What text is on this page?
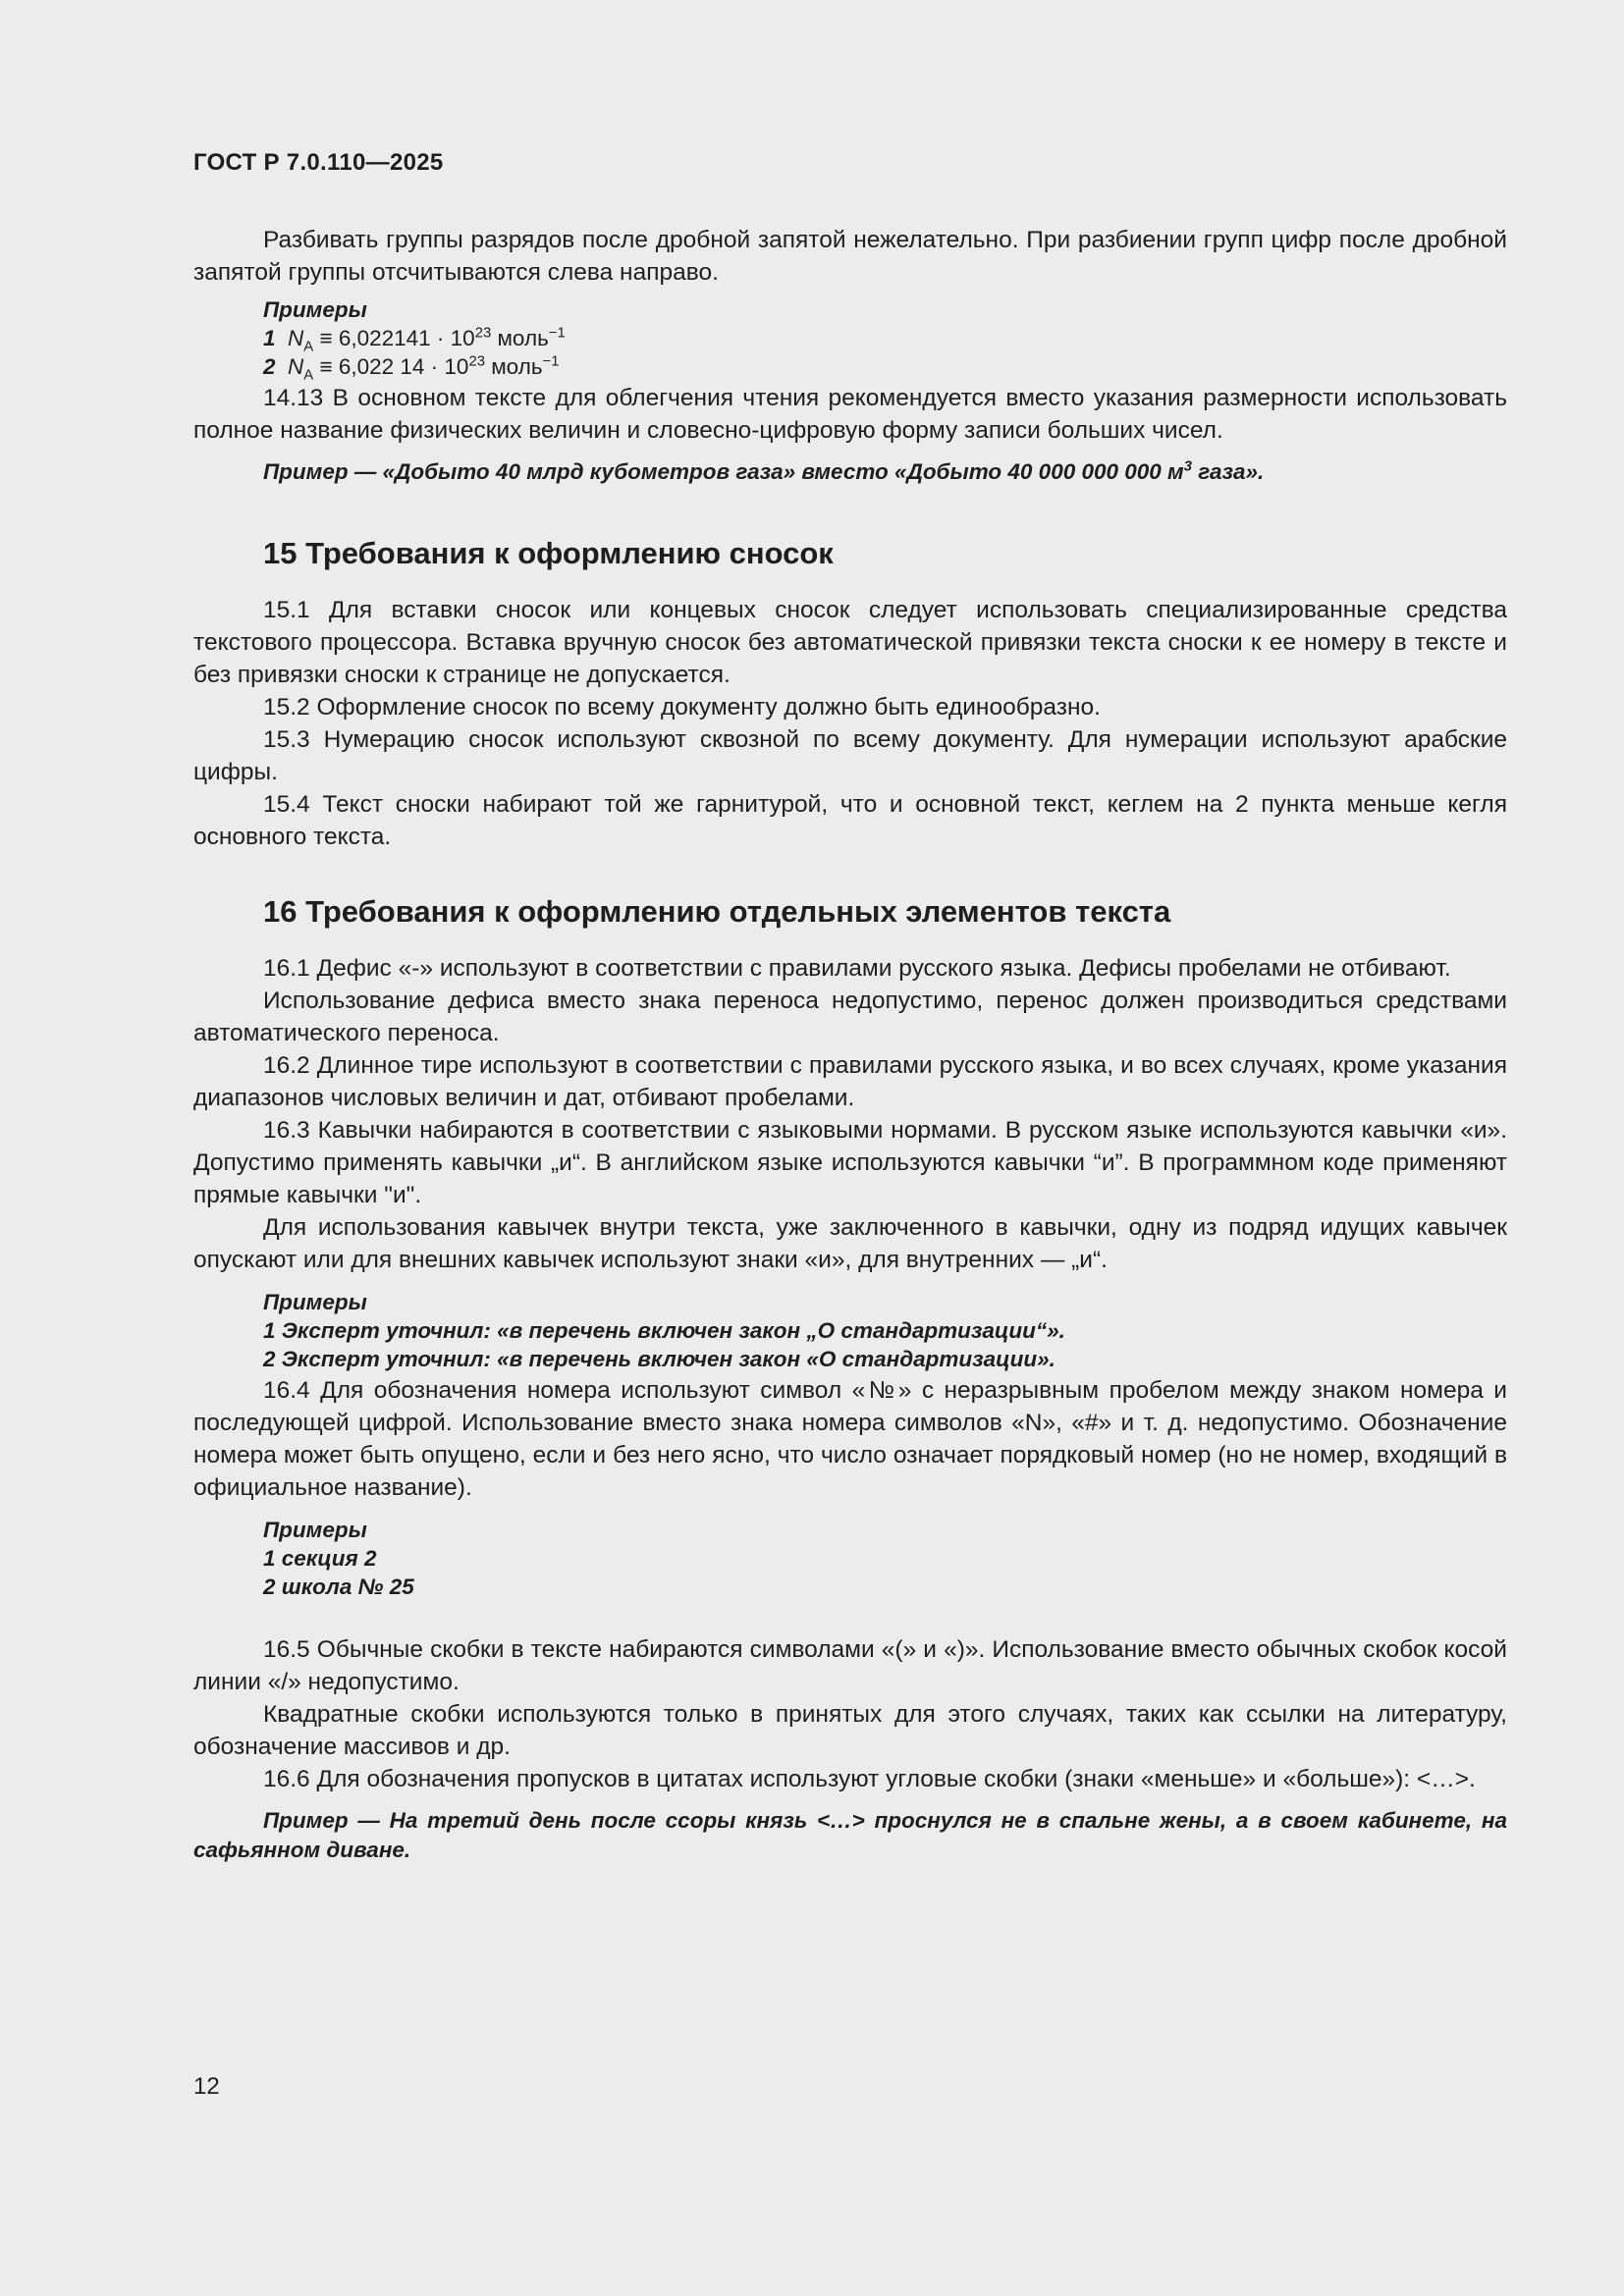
ГОСТ Р 7.0.110—2025

Разбивать группы разрядов после дробной запятой нежелательно. При разбиении групп цифр после дробной запятой группы отсчитываются слева направо.

Примеры
1 $N_A \equiv 6,022141 \cdot 10^{23}$ моль$^{-1}$
2 $N_A \equiv 6,022$ $14 \cdot 10^{23}$ моль$^{-1}$

14.13 В основном тексте для облегчения чтения рекомендуется вместо указания размерности использовать полное название физических величин и словесно-цифровую форму записи больших чисел.

Пример — «Добыто 40 млрд кубометров газа» вместо «Добыто 40 000 000 000 $м^3$ газа».

15 Требования к оформлению сносок

15.1 Для вставки сносок или концевых сносок следует использовать специализированные средства текстового процессора. Вставка вручную сносок без автоматической привязки текста сноски к ее номеру в тексте и без привязки сноски к странице не допускается.

15.2 Оформление сносок по всему документу должно быть единообразно.

15.3 Нумерацию сносок используют сквозной по всему документу. Для нумерации используют арабские цифры.

15.4 Текст сноски набирают той же гарнитурой, что и основной текст, кеглем на 2 пункта меньше кегля основного текста.

16 Требования к оформлению отдельных элементов текста

16.1 Дефис «-» используют в соответствии с правилами русского языка. Дефисы пробелами не отбивают.

Использование дефиса вместо знака переноса недопустимо, перенос должен производиться средствами автоматического переноса.

16.2 Длинное тире используют в соответствии с правилами русского языка, и во всех случаях, кроме указания диапазонов числовых величин и дат, отбивают пробелами.

16.3 Кавычки набираются в соответствии с языковыми нормами. В русском языке используются кавычки «и». Допустимо применять кавычки „и“. В английском языке используются кавычки “и”. В программном коде применяют прямые кавычки "и".

Для использования кавычек внутри текста, уже заключенного в кавычки, одну из подряд идущих кавычек опускают или для внешних кавычек используют знаки «и», для внутренних — „и“.

Примеры
1 Эксперт уточнил: «в перечень включен закон „О стандартизации“».
2 Эксперт уточнил: «в перечень включен закон «О стандартизации».

16.4 Для обозначения номера используют символ «№» с неразрывным пробелом между знаком номера и последующей цифрой. Использование вместо знака номера символов «N», «#» и т. д. недопустимо. Обозначение номера может быть опущено, если и без него ясно, что число означает порядковый номер (но не номер, входящий в официальное название).

Примеры
1 секция 2
2 школа № 25

16.5 Обычные скобки в тексте набираются символами «(» и «)». Использование вместо обычных скобок косой линии «/» недопустимо.

Квадратные скобки используются только в принятых для этого случаях, таких как ссылки на литературу, обозначение массивов и др.

16.6 Для обозначения пропусков в цитатах используют угловые скобки (знаки «меньше» и «больше»): <…>.

Пример — На третий день после ссоры князь <…> проснулся не в спальне жены, а в своем кабинете, на сафьянном диване.

12
